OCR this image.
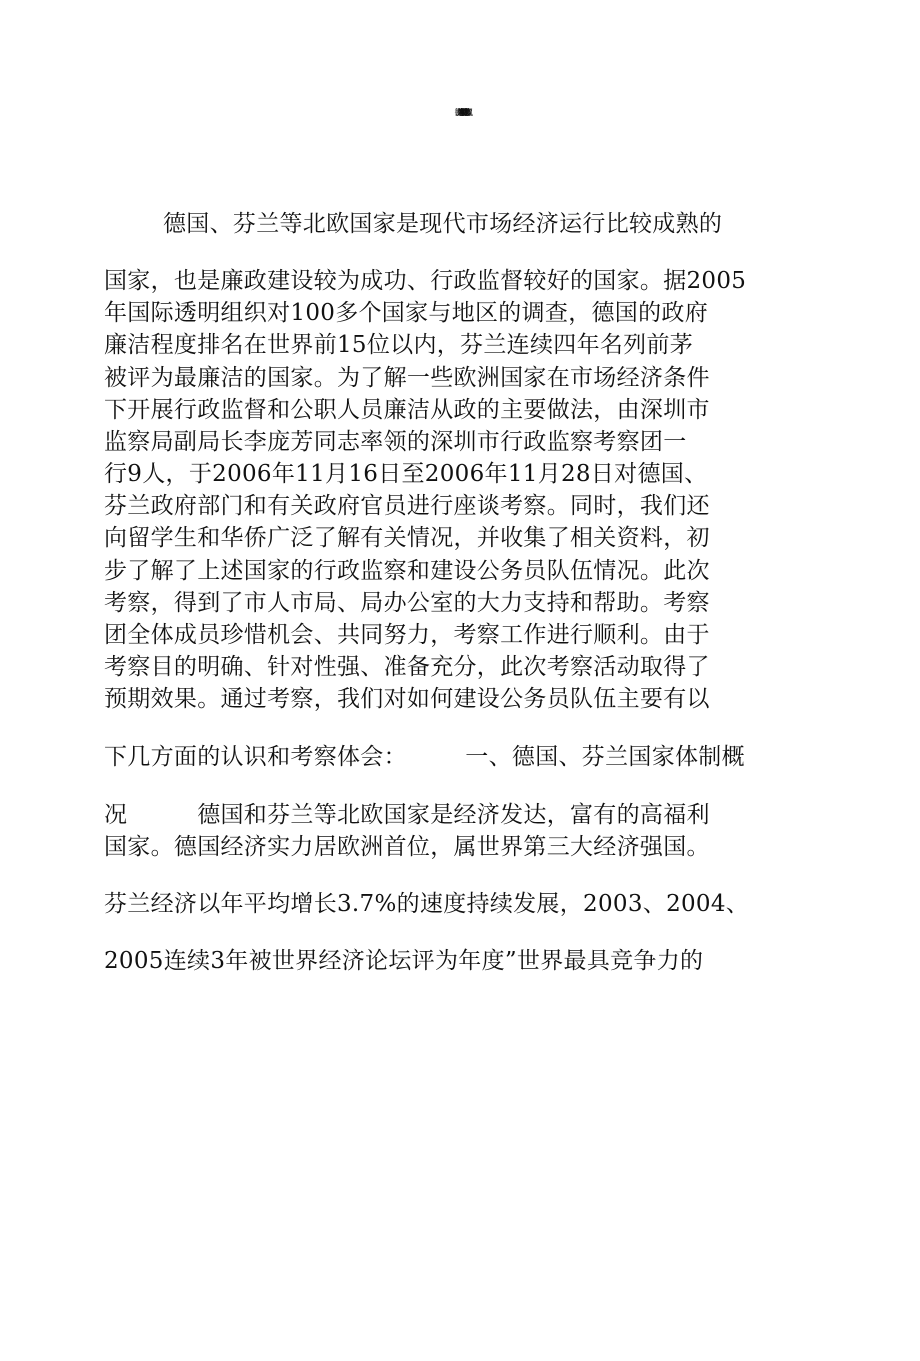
德国、芬兰等北欧国家的廉洁制度让人羡慕和钦佩
德国、芬兰等北欧国家是现代市场经济运行比较成熟的
国家，也是廉政建设较为成功、行政监督较好的国家。据2005
年国际透明组织对100多个国家与地区的调查，德国的政府
廉洁程度排名在世界前15位以内，芬兰连续四年名列前茅
被评为最廉洁的国家。为了解一些欧洲国家在市场经济条件
下开展行政监督和公职人员廉洁从政的主要做法，由深圳市
监察局副局长李庞芳同志率领的深圳市行政监察考察团一
行9人，于2006年11月16日至2006年11月28日对德国、
芬兰政府部门和有关政府官员进行座谈考察。同时，我们还
向留学生和华侨广泛了解有关情况，并收集了相关资料，初
步了解了上述国家的行政监察和建设公务员队伍情况。此次
考察，得到了市人市局、局办公室的大力支持和帮助。考察
团全体成员珍惜机会、共同努力，考察工作进行顺利。由于
考察目的明确、针对性强、准备充分，此次考察活动取得了
预期效果。通过考察，我们对如何建设公务员队伍主要有以
下几方面的认识和考察体会：　　　一、德国、芬兰国家体制概
况　　　德国和芬兰等北欧国家是经济发达，富有的高福利
国家。德国经济实力居欧洲首位，属世界第三大经济强国。
芬兰经济以年平均增长3.7%的速度持续发展，2003、2004、
2005连续3年被世界经济论坛评为年度”世界最具竞争力的
